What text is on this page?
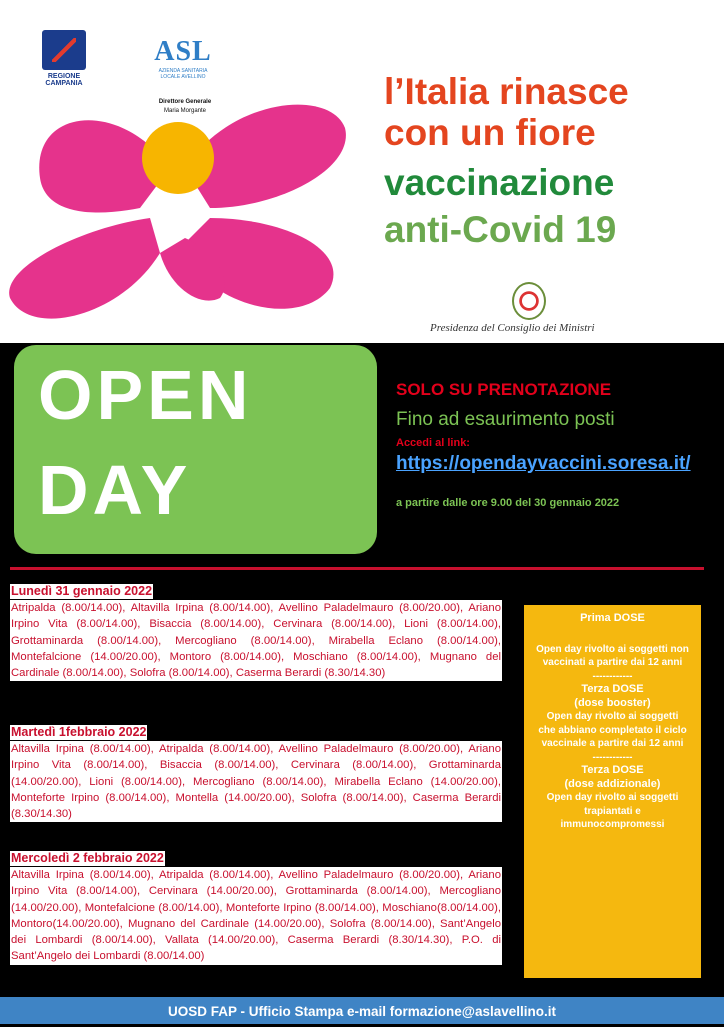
REGIONE CAMPANIA
ASL
AZIENDA SANITARIA LOCALE AVELLINO
Direttore Generale
Maria Morgante	l’Italia rinasce
con un fiore
vaccinazione
anti-Covid 19
Presidenza del Consiglio dei Ministri
OPEN
DAY
SOLO SU PRENOTAZIONE
Fino ad esaurimento posti
Accedi al link:
https://opendayvaccini.soresa.it/
a partire dalle ore 9.00 del 30 gennaio 2022
Lunedì 31 gennaio 2022
Atripalda (8.00/14.00), Altavilla Irpina (8.00/14.00), Avellino Paladelmauro (8.00/20.00), Ariano Irpino Vita (8.00/14.00), Bisaccia (8.00/14.00), Cervinara (8.00/14.00), Lioni (8.00/14.00), Grottaminarda (8.00/14.00), Mercogliano (8.00/14.00), Mirabella Eclano (8.00/14.00), Montefalcione (14.00/20.00), Montoro (8.00/14.00), Moschiano (8.00/14.00), Mugnano del Cardinale (8.00/14.00), Solofra (8.00/14.00), Caserma Berardi (8.30/14.30)
Martedì 1febbraio 2022
Altavilla Irpina (8.00/14.00), Atripalda (8.00/14.00), Avellino Paladelmauro (8.00/20.00), Ariano Irpino Vita (8.00/14.00), Bisaccia (8.00/14.00), Cervinara (8.00/14.00), Grottaminarda (14.00/20.00), Lioni (8.00/14.00), Mercogliano (8.00/14.00), Mirabella Eclano (14.00/20.00), Monteforte Irpino (8.00/14.00), Montella (14.00/20.00), Solofra (8.00/14.00), Caserma Berardi (8.30/14.30)
Mercoledì 2 febbraio 2022
Altavilla Irpina (8.00/14.00), Atripalda (8.00/14.00), Avellino Paladelmauro (8.00/20.00), Ariano Irpino Vita (8.00/14.00), Cervinara (14.00/20.00), Grottaminarda (8.00/14.00), Mercogliano (14.00/20.00), Montefalcione (8.00/14.00), Monteforte Irpino (8.00/14.00), Moschiano(8.00/14.00), Montoro(14.00/20.00), Mugnano del Cardinale (14.00/20.00), Solofra (8.00/14.00), Sant’Angelo dei Lombardi (8.00/14.00), Vallata (14.00/20.00), Caserma Berardi (8.30/14.30), P.O. di Sant’Angelo dei Lombardi (8.00/14.00)

Prima DOSE

Open day rivolto ai soggetti non vaccinati a partire dai 12 anni

------------

Terza DOSE

(dose booster)

Open day rivolto ai soggetti che abbiano completato il ciclo vaccinale a partire dai 12 anni

------------

Terza DOSE

(dose addizionale)

Open day rivolto ai soggetti trapiantati e immunocompromessi

UOSD FAP - Ufficio Stampa e-mail formazione@aslavellino.it
